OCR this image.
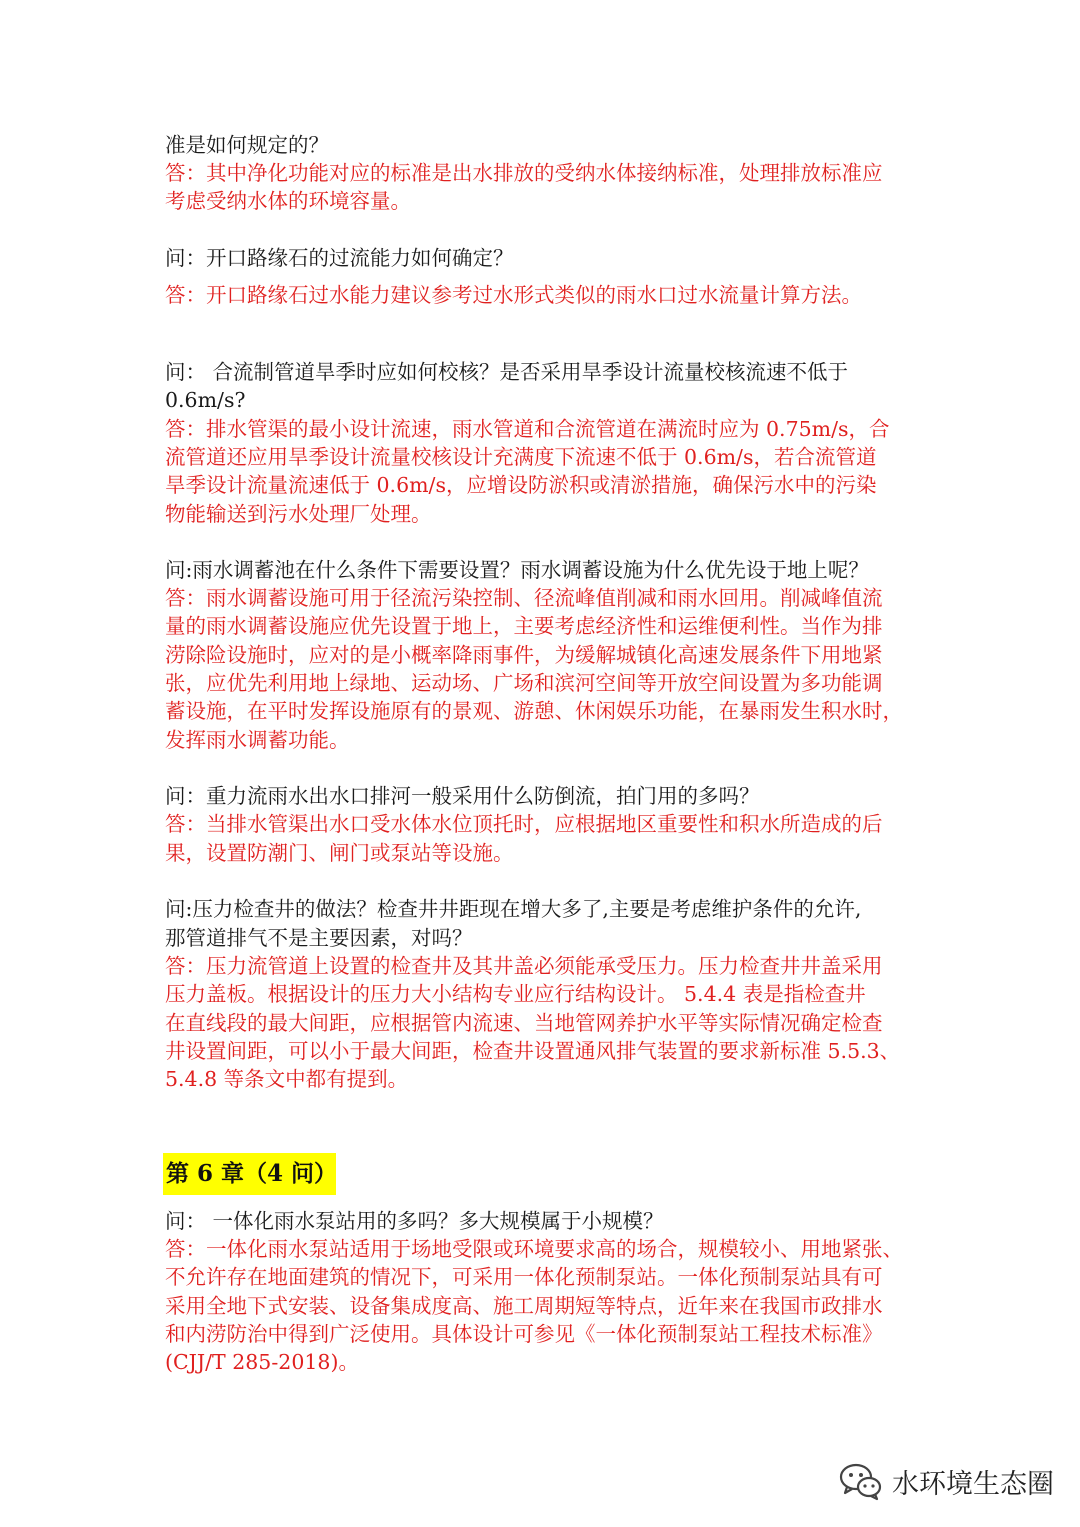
准是如何规定的？
答：其中净化功能对应的标准是出水排放的受纳水体接纳标准，处理排放标准应
考虑受纳水体的环境容量。
问：开口路缘石的过流能力如何确定？
答：开口路缘石过水能力建议参考过水形式类似的雨水口过水流量计算方法。
问： 合流制管道旱季时应如何校核？是否采用旱季设计流量校核流速不低于
0.6m/s?
答：排水管渠的最小设计流速，雨水管道和合流管道在满流时应为 0.75m/s，合
流管道还应用旱季设计流量校核设计充满度下流速不低于 0.6m/s，若合流管道
旱季设计流量流速低于 0.6m/s，应增设防淤积或清淤措施，确保污水中的污染
物能输送到污水处理厂处理。
问:雨水调蓄池在什么条件下需要设置？雨水调蓄设施为什么优先设于地上呢？
答：雨水调蓄设施可用于径流污染控制、径流峰值削减和雨水回用。削减峰值流
量的雨水调蓄设施应优先设置于地上，主要考虑经济性和运维便利性。当作为排
涝除险设施时，应对的是小概率降雨事件，为缓解城镇化高速发展条件下用地紧
张，应优先利用地上绿地、运动场、广场和滨河空间等开放空间设置为多功能调
蓄设施，在平时发挥设施原有的景观、游憩、休闲娱乐功能，在暴雨发生积水时，
发挥雨水调蓄功能。
问：重力流雨水出水口排河一般采用什么防倒流，拍门用的多吗？
答：当排水管渠出水口受水体水位顶托时，应根据地区重要性和积水所造成的后
果，设置防潮门、闸门或泵站等设施。
问:压力检查井的做法？检查井井距现在增大多了,主要是考虑维护条件的允许,
那管道排气不是主要因素，对吗？
答：压力流管道上设置的检查井及其井盖必须能承受压力。压力检查井井盖采用
压力盖板。根据设计的压力大小结构专业应行结构设计。 5.4.4 表是指检查井
在直线段的最大间距，应根据管内流速、当地管网养护水平等实际情况确定检查
井设置间距，可以小于最大间距，检查井设置通风排气装置的要求新标准 5.5.3、
5.4.8 等条文中都有提到。
问： 一体化雨水泵站用的多吗？多大规模属于小规模？
答：一体化雨水泵站适用于场地受限或环境要求高的场合，规模较小、用地紧张、
不允许存在地面建筑的情况下，可采用一体化预制泵站。一体化预制泵站具有可
采用全地下式安装、设备集成度高、施工周期短等特点，近年来在我国市政排水
和内涝防治中得到广泛使用。具体设计可参见《一体化预制泵站工程技术标准》
(CJJ/T 285-2018)。
第 6 章（4 问）
水环境生态圈
